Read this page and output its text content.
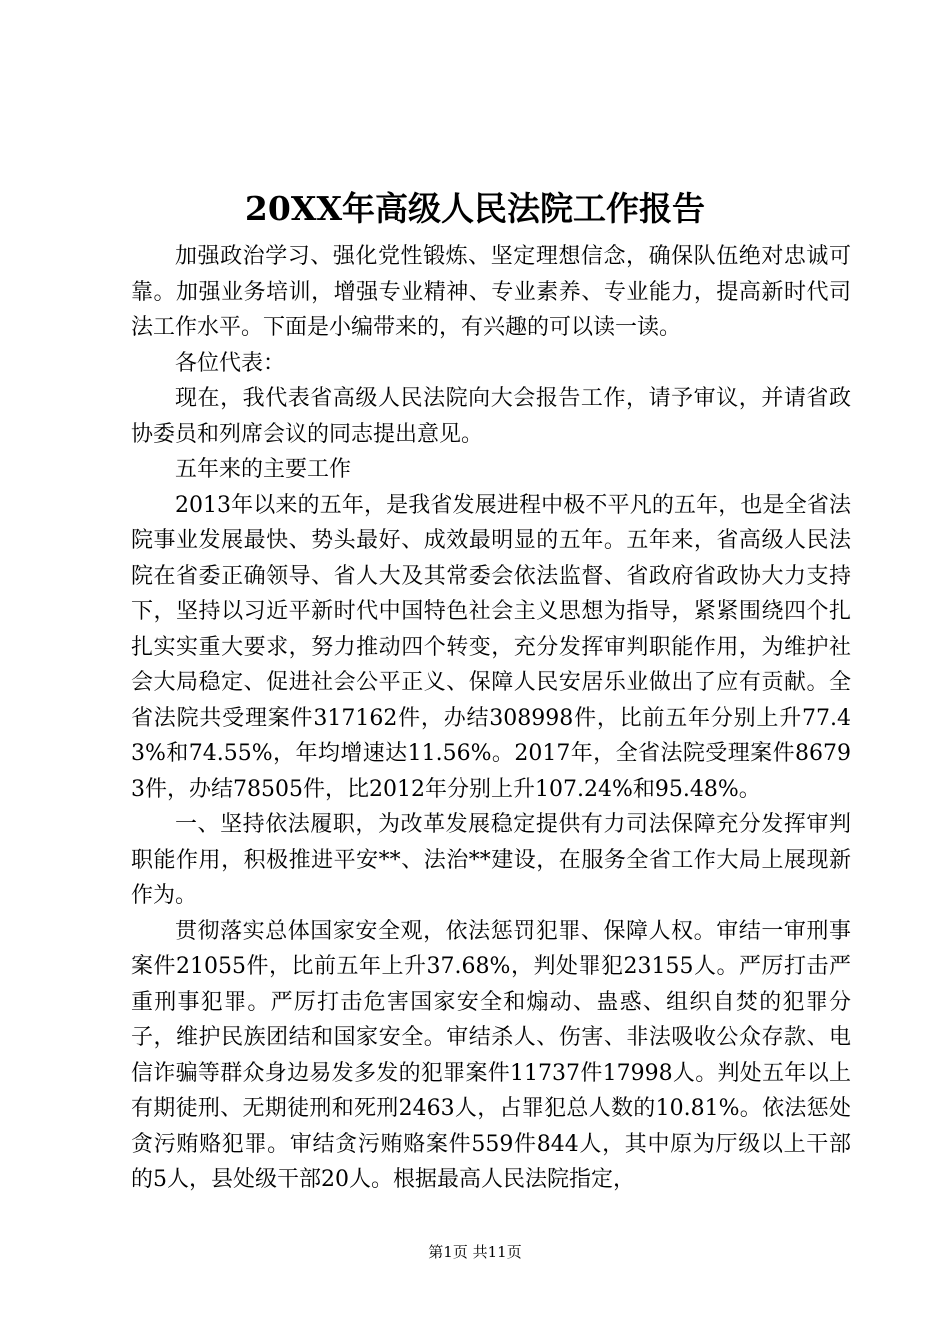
20XX年高级人民法院工作报告

加强政治学习、强化党性锻炼、坚定理想信念，确保队伍绝对忠诚可靠。加强业务培训，增强专业精神、专业素养、专业能力，提高新时代司法工作水平。下面是小编带来的，有兴趣的可以读一读。

各位代表：

现在，我代表省高级人民法院向大会报告工作，请予审议，并请省政协委员和列席会议的同志提出意见。

五年来的主要工作

2013年以来的五年，是我省发展进程中极不平凡的五年，也是全省法院事业发展最快、势头最好、成效最明显的五年。五年来，省高级人民法院在省委正确领导、省人大及其常委会依法监督、省政府省政协大力支持下，坚持以习近平新时代中国特色社会主义思想为指导，紧紧围绕四个扎扎实实重大要求，努力推动四个转变，充分发挥审判职能作用，为维护社会大局稳定、促进社会公平正义、保障人民安居乐业做出了应有贡献。全省法院共受理案件317162件，办结308998件，比前五年分别上升77.43%和74.55%，年均增速达11.56%。2017年，全省法院受理案件86793件，办结78505件，比2012年分别上升107.24%和95.48%。

一、坚持依法履职，为改革发展稳定提供有力司法保障充分发挥审判职能作用，积极推进平安**、法治**建设，在服务全省工作大局上展现新作为。

贯彻落实总体国家安全观，依法惩罚犯罪、保障人权。审结一审刑事案件21055件，比前五年上升37.68%，判处罪犯23155人。严厉打击严重刑事犯罪。严厉打击危害国家安全和煽动、蛊惑、组织自焚的犯罪分子，维护民族团结和国家安全。审结杀人、伤害、非法吸收公众存款、电信诈骗等群众身边易发多发的犯罪案件11737件17998人。判处五年以上有期徒刑、无期徒刑和死刑2463人，占罪犯总人数的10.81%。依法惩处贪污贿赂犯罪。审结贪污贿赂案件559件844人，其中原为厅级以上干部的5人，县处级干部20人。根据最高人民法院指定，

第1页 共11页
